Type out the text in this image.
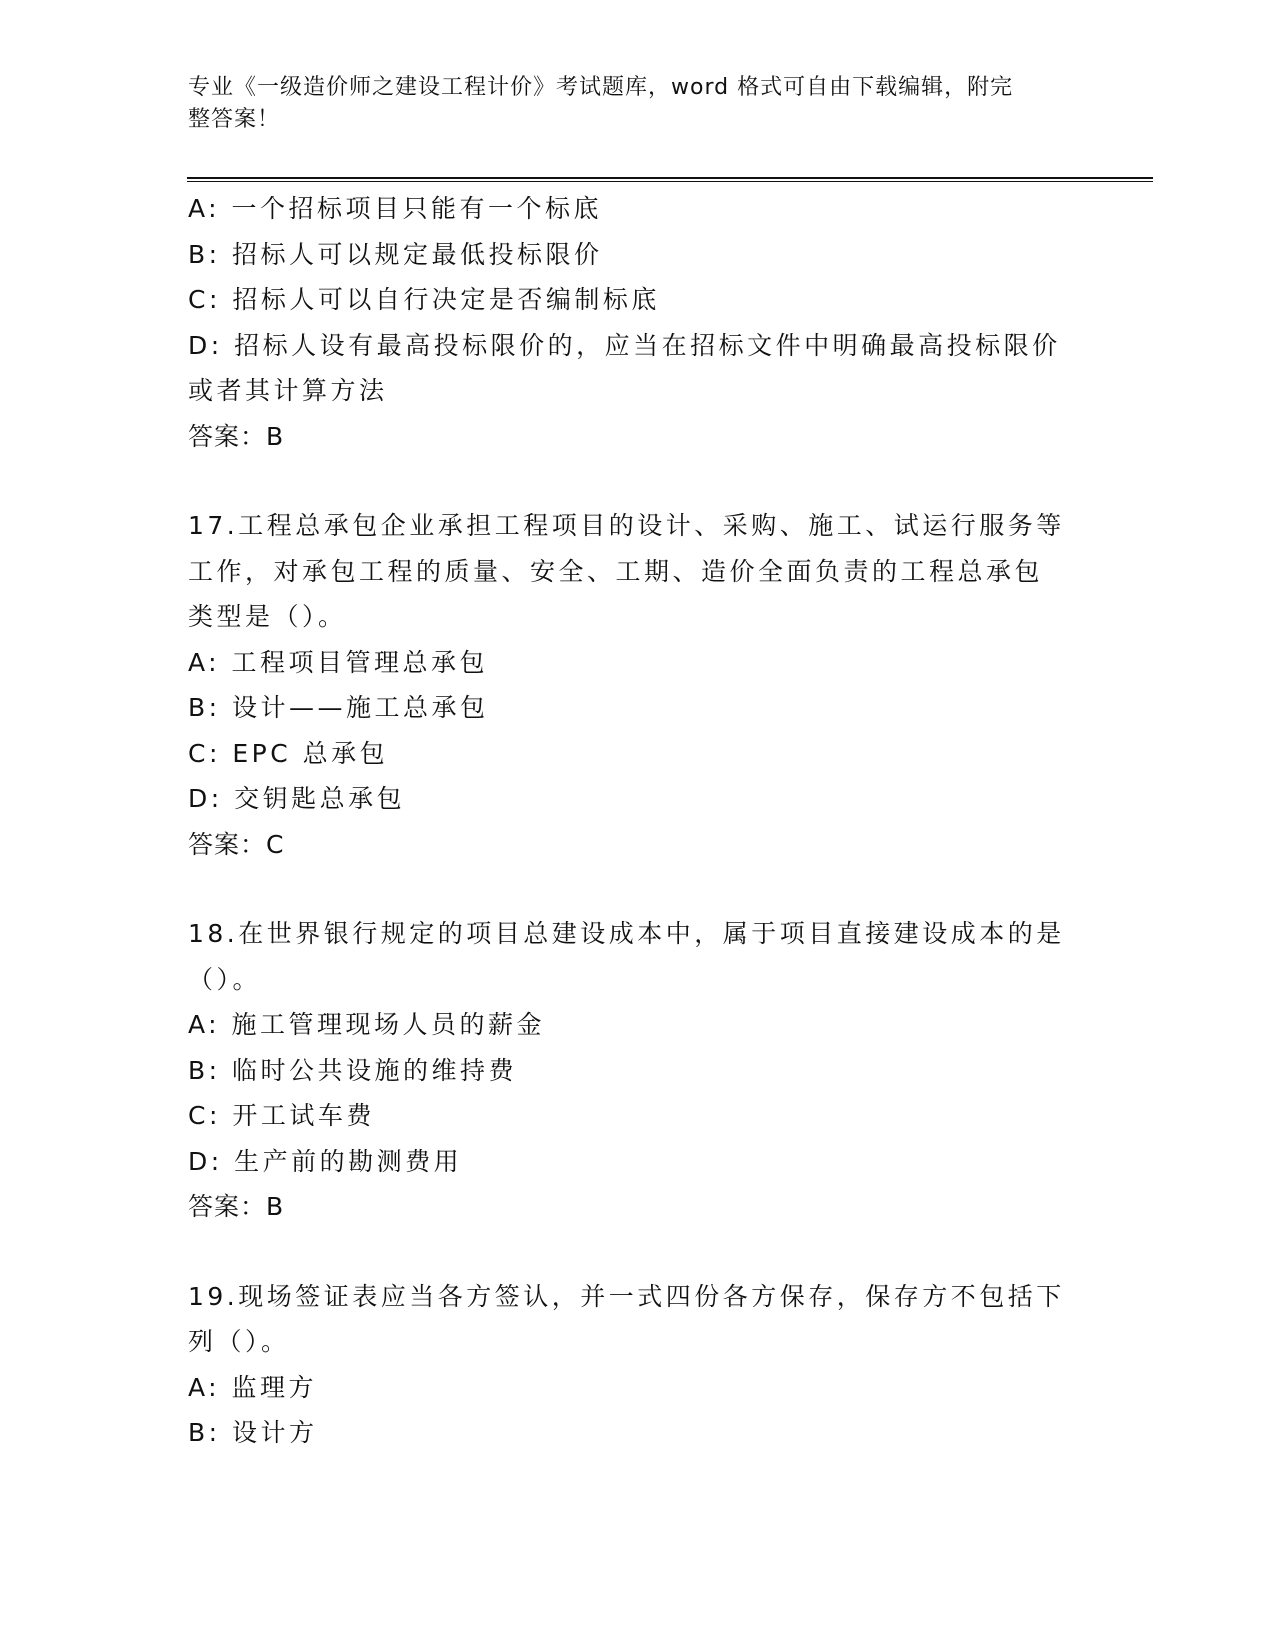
专业《一级造价师之建设工程计价》考试题库，word 格式可自由下载编辑，附完
整答案！
A: 一个招标项目只能有一个标底
B: 招标人可以规定最低投标限价
C: 招标人可以自行决定是否编制标底
D: 招标人设有最高投标限价的，应当在招标文件中明确最高投标限价
或者其计算方法
答案：B
17.工程总承包企业承担工程项目的设计、采购、施工、试运行服务等
工作，对承包工程的质量、安全、工期、造价全面负责的工程总承包
类型是（）。
A: 工程项目管理总承包
B: 设计——施工总承包
C: EPC 总承包
D: 交钥匙总承包
答案：C
18.在世界银行规定的项目总建设成本中，属于项目直接建设成本的是
（）。
A: 施工管理现场人员的薪金
B: 临时公共设施的维持费
C: 开工试车费
D: 生产前的勘测费用
答案：B
19.现场签证表应当各方签认，并一式四份各方保存，保存方不包括下
列（）。
A: 监理方
B: 设计方
